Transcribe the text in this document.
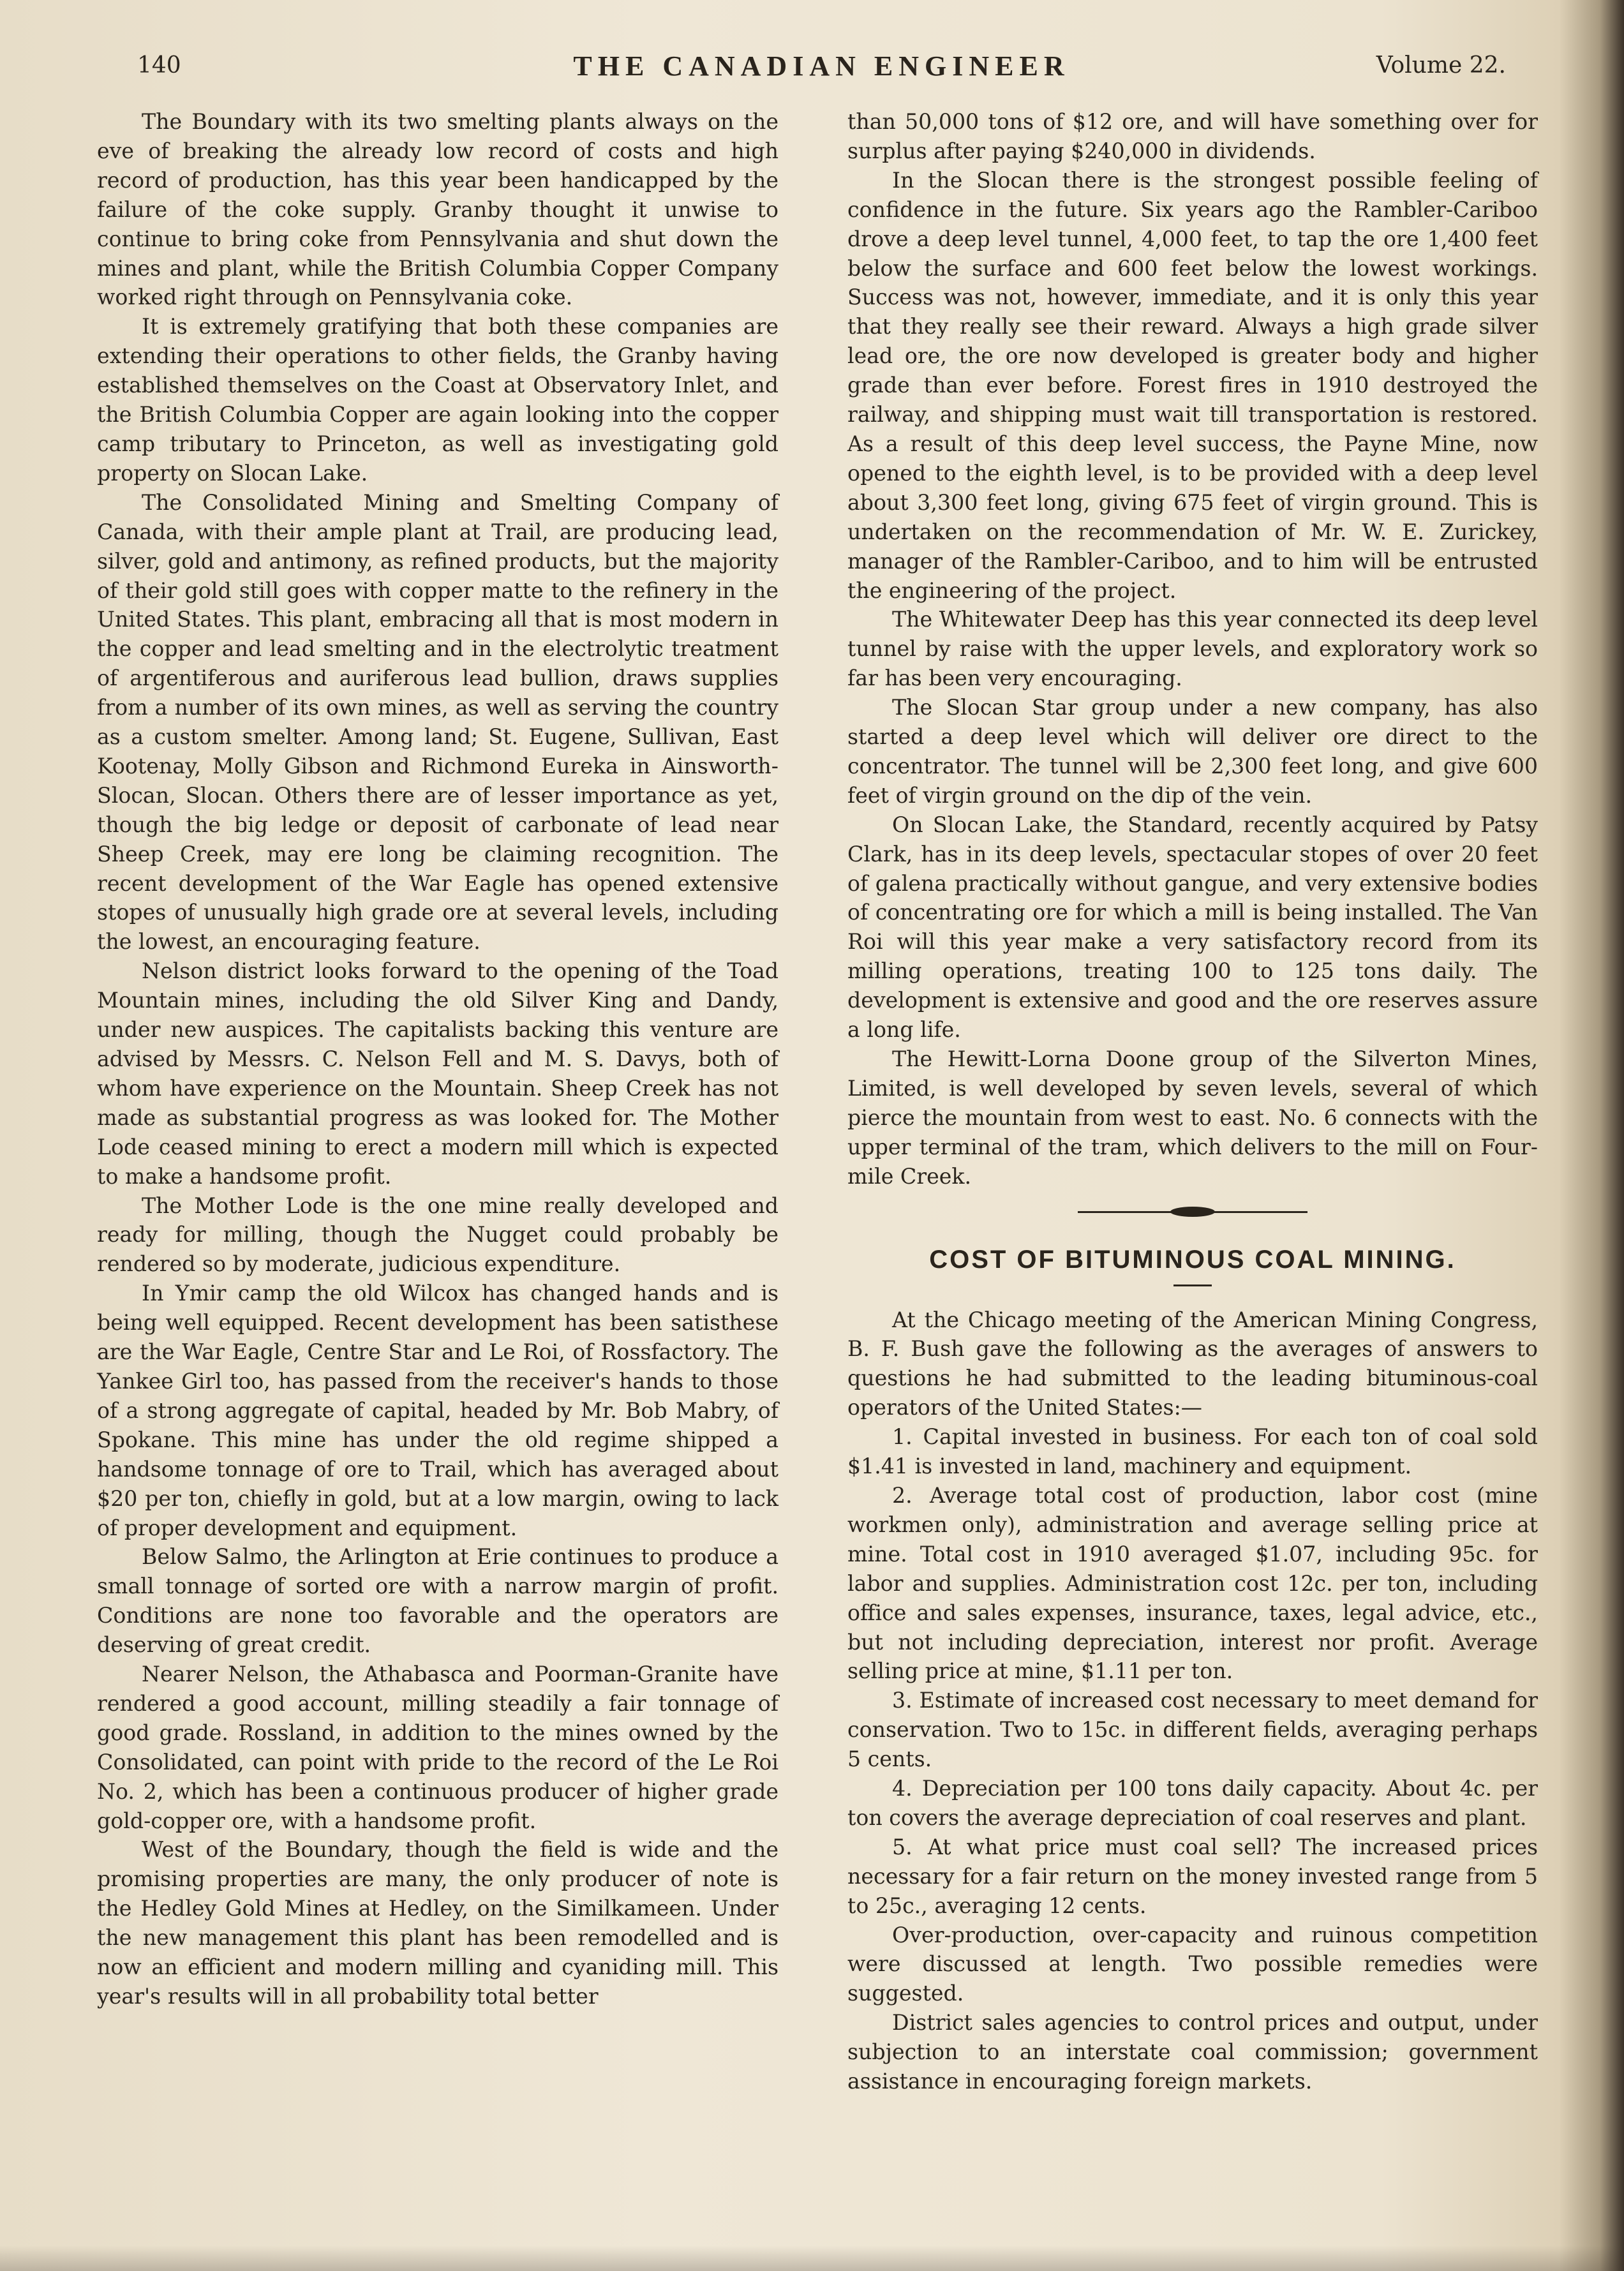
140	THE CANADIAN ENGINEER	Volume 22.

The Boundary with its two smelting plants always on the eve of breaking the already low record of costs and high record of production, has this year been handicapped by the failure of the coke supply. Granby thought it unwise to continue to bring coke from Pennsylvania and shut down the mines and plant, while the British Columbia Copper Company worked right through on Pennsylvania coke.

It is extremely gratifying that both these companies are extending their operations to other fields, the Granby having established themselves on the Coast at Observatory Inlet, and the British Columbia Copper are again looking into the copper camp tributary to Princeton, as well as investigating gold property on Slocan Lake.

The Consolidated Mining and Smelting Company of Canada, with their ample plant at Trail, are producing lead, silver, gold and antimony, as refined products, but the majority of their gold still goes with copper matte to the refinery in the United States. This plant, embracing all that is most modern in the copper and lead smelting and in the electrolytic treatment of argentiferous and auriferous lead bullion, draws supplies from a number of its own mines, as well as serving the country as a custom smelter. Among land; St. Eugene, Sullivan, East Kootenay, Molly Gibson and Richmond Eureka in Ainsworth-Slocan, Slocan. Others there are of lesser importance as yet, though the big ledge or deposit of carbonate of lead near Sheep Creek, may ere long be claiming recognition. The recent development of the War Eagle has opened extensive stopes of unusually high grade ore at several levels, including the lowest, an encouraging feature.

Nelson district looks forward to the opening of the Toad Mountain mines, including the old Silver King and Dandy, under new auspices. The capitalists backing this venture are advised by Messrs. C. Nelson Fell and M. S. Davys, both of whom have experience on the Mountain. Sheep Creek has not made as substantial progress as was looked for. The Mother Lode ceased mining to erect a modern mill which is expected to make a handsome profit.

The Mother Lode is the one mine really developed and ready for milling, though the Nugget could probably be rendered so by moderate, judicious expenditure.

In Ymir camp the old Wilcox has changed hands and is being well equipped. Recent development has been satisthese are the War Eagle, Centre Star and Le Roi, of Rossfactory. The Yankee Girl too, has passed from the receiver's hands to those of a strong aggregate of capital, headed by Mr. Bob Mabry, of Spokane. This mine has under the old regime shipped a handsome tonnage of ore to Trail, which has averaged about $20 per ton, chiefly in gold, but at a low margin, owing to lack of proper development and equipment.

Below Salmo, the Arlington at Erie continues to produce a small tonnage of sorted ore with a narrow margin of profit. Conditions are none too favorable and the operators are deserving of great credit.

Nearer Nelson, the Athabasca and Poorman-Granite have rendered a good account, milling steadily a fair tonnage of good grade. Rossland, in addition to the mines owned by the Consolidated, can point with pride to the record of the Le Roi No. 2, which has been a continuous producer of higher grade gold-copper ore, with a handsome profit.

West of the Boundary, though the field is wide and the promising properties are many, the only producer of note is the Hedley Gold Mines at Hedley, on the Similkameen. Under the new management this plant has been remodelled and is now an efficient and modern milling and cyaniding mill. This year's results will in all probability total better

than 50,000 tons of $12 ore, and will have something over for surplus after paying $240,000 in dividends.

In the Slocan there is the strongest possible feeling of confidence in the future. Six years ago the Rambler-Cariboo drove a deep level tunnel, 4,000 feet, to tap the ore 1,400 feet below the surface and 600 feet below the lowest workings. Success was not, however, immediate, and it is only this year that they really see their reward. Always a high grade silver lead ore, the ore now developed is greater body and higher grade than ever before. Forest fires in 1910 destroyed the railway, and shipping must wait till transportation is restored. As a result of this deep level success, the Payne Mine, now opened to the eighth level, is to be provided with a deep level about 3,300 feet long, giving 675 feet of virgin ground. This is undertaken on the recommendation of Mr. W. E. Zurickey, manager of the Rambler-Cariboo, and to him will be entrusted the engineering of the project.

The Whitewater Deep has this year connected its deep level tunnel by raise with the upper levels, and exploratory work so far has been very encouraging.

The Slocan Star group under a new company, has also started a deep level which will deliver ore direct to the concentrator. The tunnel will be 2,300 feet long, and give 600 feet of virgin ground on the dip of the vein.

On Slocan Lake, the Standard, recently acquired by Patsy Clark, has in its deep levels, spectacular stopes of over 20 feet of galena practically without gangue, and very extensive bodies of concentrating ore for which a mill is being installed. The Van Roi will this year make a very satisfactory record from its milling operations, treating 100 to 125 tons daily. The development is extensive and good and the ore reserves assure a long life.

The Hewitt-Lorna Doone group of the Silverton Mines, Limited, is well developed by seven levels, several of which pierce the mountain from west to east. No. 6 connects with the upper terminal of the tram, which delivers to the mill on Four-mile Creek.

COST OF BITUMINOUS COAL MINING.

At the Chicago meeting of the American Mining Congress, B. F. Bush gave the following as the averages of answers to questions he had submitted to the leading bituminous-coal operators of the United States:—

1. Capital invested in business. For each ton of coal sold $1.41 is invested in land, machinery and equipment.

2. Average total cost of production, labor cost (mine workmen only), administration and average selling price at mine. Total cost in 1910 averaged $1.07, including 95c. for labor and supplies. Administration cost 12c. per ton, including office and sales expenses, insurance, taxes, legal advice, etc., but not including depreciation, interest nor profit. Average selling price at mine, $1.11 per ton.

3. Estimate of increased cost necessary to meet demand for conservation. Two to 15c. in different fields, averaging perhaps 5 cents.

4. Depreciation per 100 tons daily capacity. About 4c. per ton covers the average depreciation of coal reserves and plant.

5. At what price must coal sell? The increased prices necessary for a fair return on the money invested range from 5 to 25c., averaging 12 cents.

Over-production, over-capacity and ruinous competition were discussed at length. Two possible remedies were suggested.

District sales agencies to control prices and output, under subjection to an interstate coal commission; government assistance in encouraging foreign markets.
